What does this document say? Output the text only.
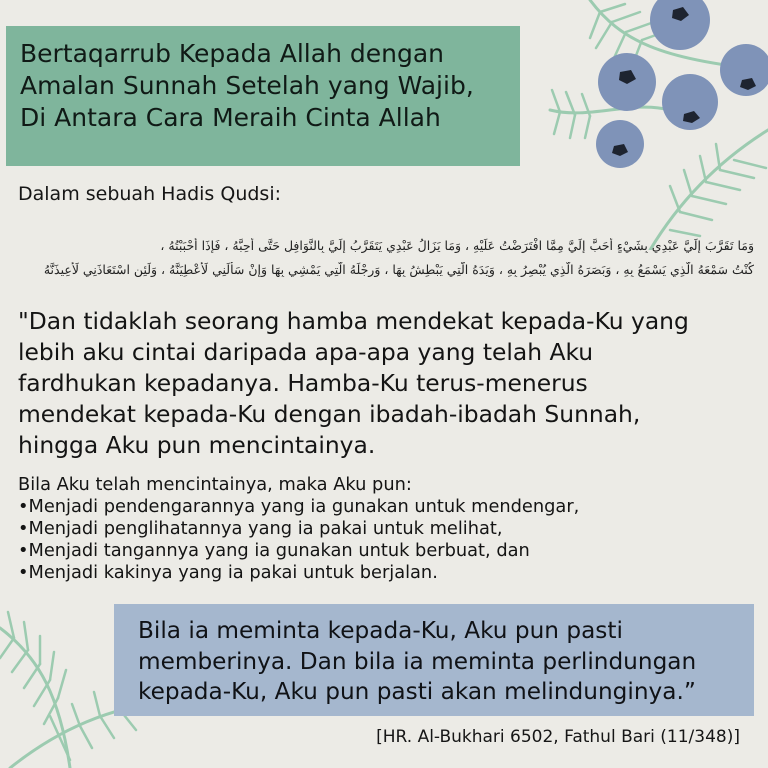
Bertaqarrub Kepada Allah dengan
Amalan Sunnah Setelah yang Wajib,
Di Antara Cara Meraih Cinta Allah
Dalam sebuah Hadis Qudsi:
وَمَا تَقَرَّبَ إِلَيَّ عَبْدِي بِشَيْءٍ أَحَبَّ إِلَيَّ مِمَّا افْتَرَضْتُ عَلَيْهِ ، وَمَا يَزَالُ عَبْدِي يَتَقَرَّبُ إِلَيَّ بِالنَّوَافِلِ حَتَّى أُحِبَّهُ ، فَإِذَا أَحْبَبْتُهُ ،
كُنْتُ سَمْعَهُ الَّذِي يَسْمَعُ بِهِ ، وَبَصَرَهُ الَّذِي يُبْصِرُ بِهِ ، وَيَدَهُ الَّتِي يَبْطِشُ بِهَا ، وَرِجْلَهُ الَّتِي يَمْشِي بِهَا وَإِنْ سَأَلَنِي لَأُعْطِيَنَّهُ ، وَلَئِنِ اسْتَعَاذَنِي لَأُعِيذَنَّهُ
"Dan tidaklah seorang hamba mendekat kepada-Ku yang
lebih aku cintai daripada apa-apa yang telah Aku
fardhukan kepadanya. Hamba-Ku terus-menerus
mendekat kepada-Ku dengan ibadah-ibadah Sunnah,
hingga Aku pun mencintainya.
Bila Aku telah mencintainya, maka Aku pun:
•Menjadi pendengarannya yang ia gunakan untuk mendengar,
•Menjadi penglihatannya yang ia pakai untuk melihat,
•Menjadi tangannya yang ia gunakan untuk berbuat, dan
•Menjadi kakinya yang ia pakai untuk berjalan.
Bila ia meminta kepada-Ku, Aku pun pasti
memberinya. Dan bila ia meminta perlindungan
kepada-Ku, Aku pun pasti akan melindunginya.”
[HR. Al-Bukhari 6502, Fathul Bari (11/348)]
